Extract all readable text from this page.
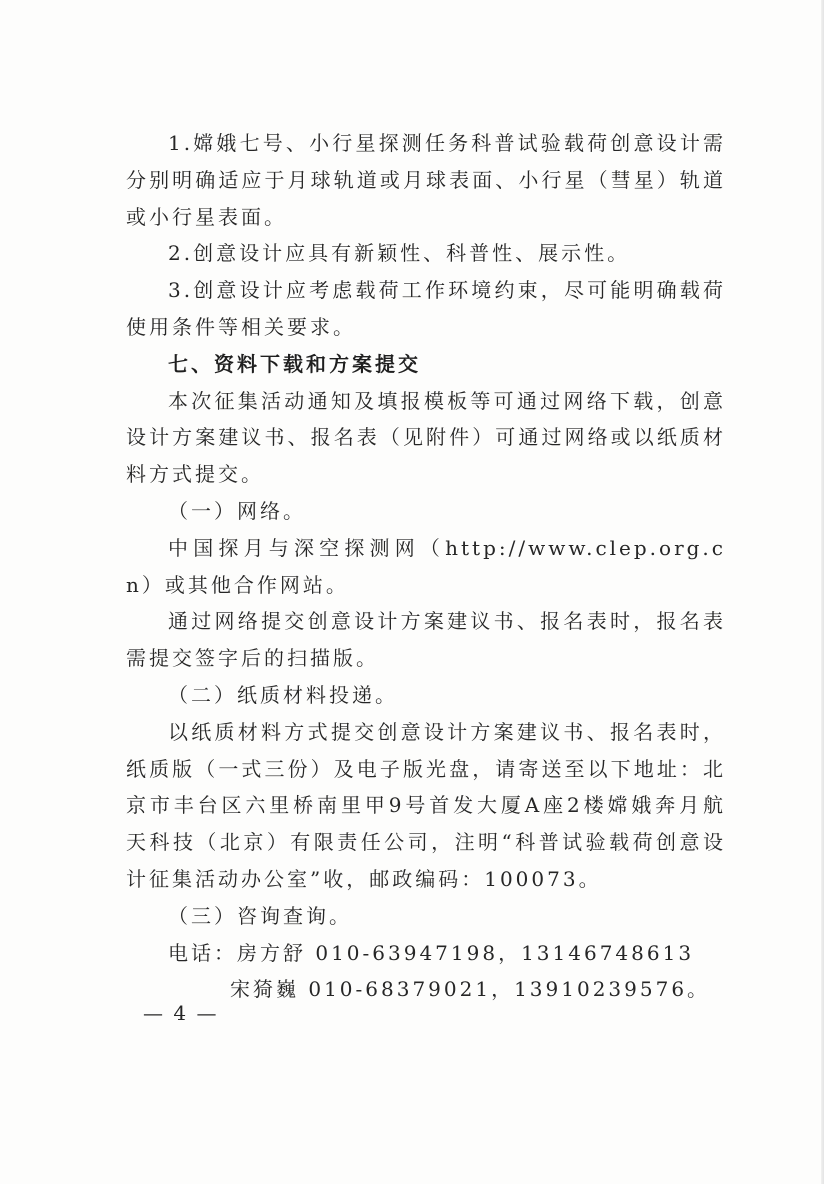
1.嫦娥七号、小行星探测任务科普试验载荷创意设计需分别明确适应于月球轨道或月球表面、小行星（彗星）轨道或小行星表面。

2.创意设计应具有新颖性、科普性、展示性。

3.创意设计应考虑载荷工作环境约束，尽可能明确载荷使用条件等相关要求。

七、资料下载和方案提交

本次征集活动通知及填报模板等可通过网络下载，创意设计方案建议书、报名表（见附件）可通过网络或以纸质材料方式提交。

（一）网络。

中国探月与深空探测网（http://www.clep.org.cn）或其他合作网站。

通过网络提交创意设计方案建议书、报名表时，报名表需提交签字后的扫描版。

（二）纸质材料投递。

以纸质材料方式提交创意设计方案建议书、报名表时，纸质版（一式三份）及电子版光盘，请寄送至以下地址：北京市丰台区六里桥南里甲9号首发大厦A座2楼嫦娥奔月航天科技（北京）有限责任公司，注明“科普试验载荷创意设计征集活动办公室”收，邮政编码：100073。

（三）咨询查询。

电话：房方舒 010-63947198，13146748613

宋猗巍 010-68379021，13910239576。

— 4 —
